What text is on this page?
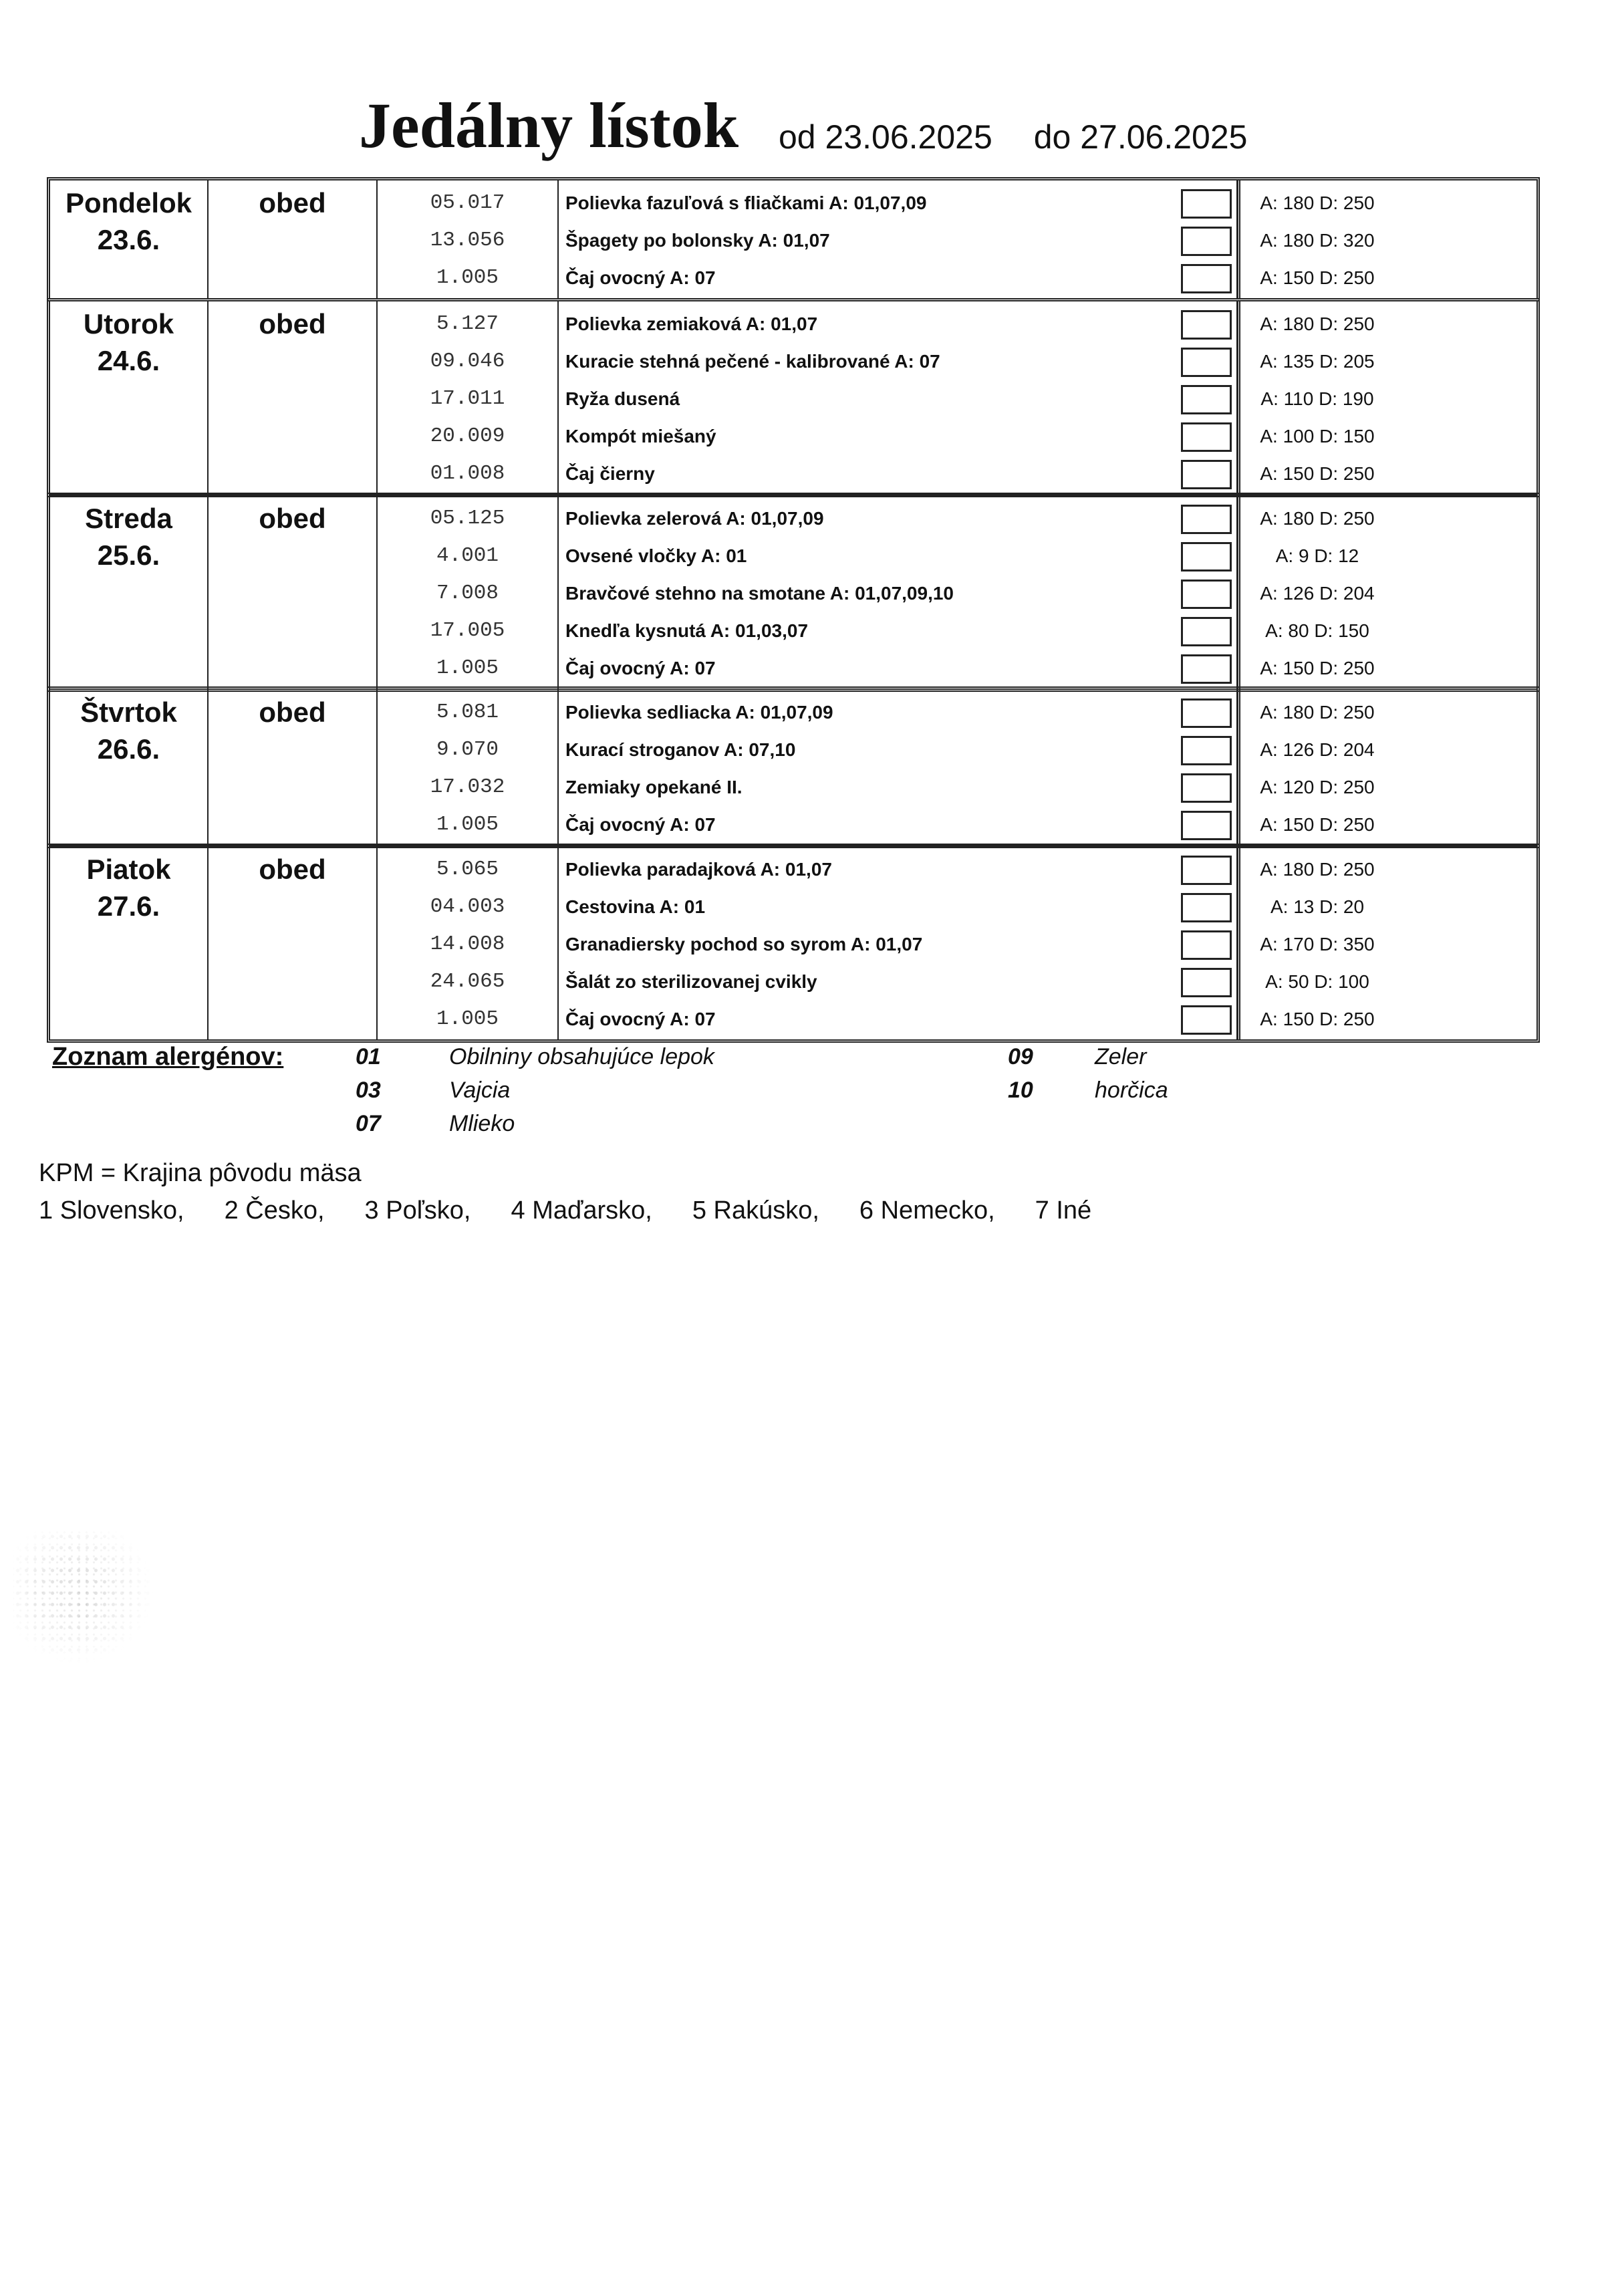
Jedálny lístok od 23.06.2025 do 27.06.2025
Pondelok
23.6.
obed	05.017	Polievka fazuľová s fliačkami A: 01,07,09	A: 180 D: 250
13.056	Špagety po bolonsky A: 01,07	A: 180 D: 320
1.005	Čaj ovocný A: 07	A: 150 D: 250
Utorok
24.6.
obed	5.127	Polievka zemiaková A: 01,07	A: 180 D: 250
09.046	Kuracie stehná pečené - kalibrované A: 07	A: 135 D: 205
17.011	Ryža dusená	A: 110 D: 190
20.009	Kompót miešaný	A: 100 D: 150
01.008	Čaj čierny	A: 150 D: 250
Streda
25.6.
obed	05.125	Polievka zelerová A: 01,07,09	A: 180 D: 250
4.001	Ovsené vločky A: 01	A: 9 D: 12
7.008	Bravčové stehno na smotane A: 01,07,09,10	A: 126 D: 204
17.005	Knedľa kysnutá A: 01,03,07	A: 80 D: 150
1.005	Čaj ovocný A: 07	A: 150 D: 250
Štvrtok
26.6.
obed	5.081	Polievka sedliacka A: 01,07,09	A: 180 D: 250
9.070	Kurací stroganov A: 07,10	A: 126 D: 204
17.032	Zemiaky opekané II.	A: 120 D: 250
1.005	Čaj ovocný A: 07	A: 150 D: 250
Piatok
27.6.
obed	5.065	Polievka paradajková A: 01,07	A: 180 D: 250
04.003	Cestovina A: 01	A: 13 D: 20
14.008	Granadiersky pochod so syrom A: 01,07	A: 170 D: 350
24.065	Šalát zo sterilizovanej cvikly	A: 50 D: 100
1.005	Čaj ovocný A: 07	A: 150 D: 250
Zoznam alergénov:	01	Obilniny obsahujúce lepok
03	Vajcia
07	Mlieko
09	Zeler
10	horčica
KPM = Krajina pôvodu mäsa
1 Slovensko, 2 Česko, 3 Poľsko, 4 Maďarsko, 5 Rakúsko, 6 Nemecko, 7 Iné
